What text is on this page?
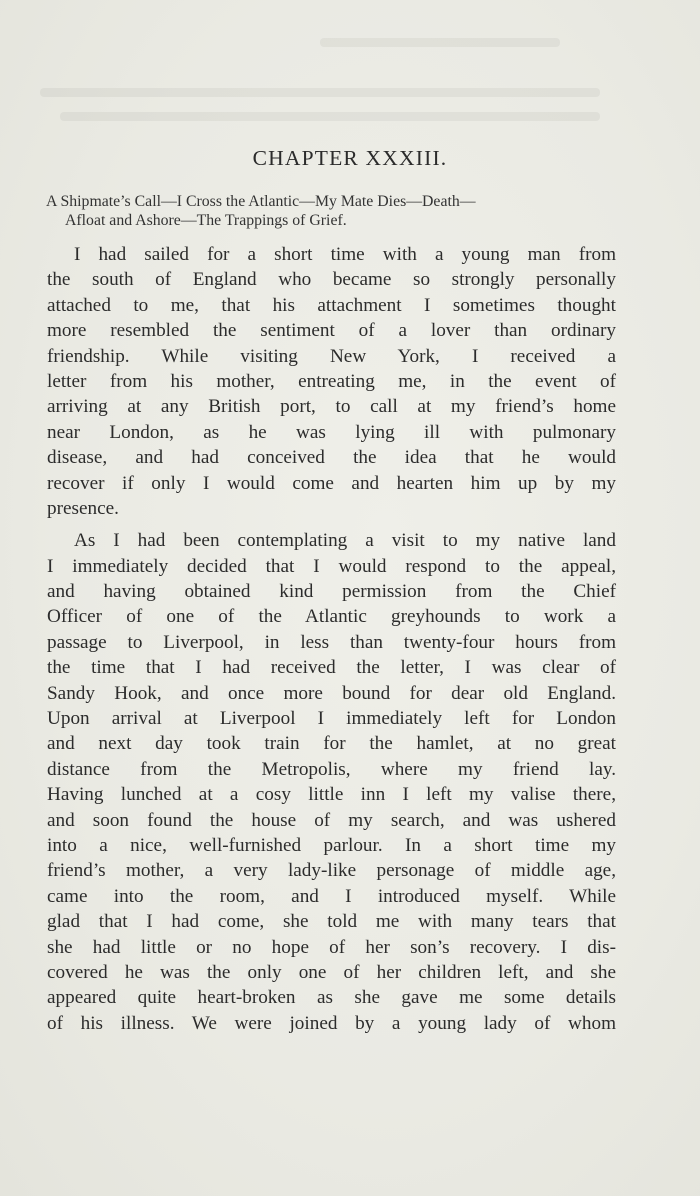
CHAPTER XXXIII.

A Shipmate’s Call—I Cross the Atlantic—My Mate Dies—Death—
Afloat and Ashore—The Trappings of Grief.

I had sailed for a short time with a young man from
the south of England who became so strongly personally
attached to me, that his attachment I sometimes thought
more resembled the sentiment of a lover than ordinary
friendship. While visiting New York, I received a
letter from his mother, entreating me, in the event of
arriving at any British port, to call at my friend’s home
near London, as he was lying ill with pulmonary
disease, and had conceived the idea that he would
recover if only I would come and hearten him up by my
presence.

As I had been contemplating a visit to my native land
I immediately decided that I would respond to the appeal,
and having obtained kind permission from the Chief
Officer of one of the Atlantic greyhounds to work a
passage to Liverpool, in less than twenty-four hours from
the time that I had received the letter, I was clear of
Sandy Hook, and once more bound for dear old England.
Upon arrival at Liverpool I immediately left for London
and next day took train for the hamlet, at no great
distance from the Metropolis, where my friend lay.
Having lunched at a cosy little inn I left my valise there,
and soon found the house of my search, and was ushered
into a nice, well-furnished parlour. In a short time my
friend’s mother, a very lady-like personage of middle age,
came into the room, and I introduced myself. While
glad that I had come, she told me with many tears that
she had little or no hope of her son’s recovery. I dis-
covered he was the only one of her children left, and she
appeared quite heart-broken as she gave me some details
of his illness. We were joined by a young lady of whom
